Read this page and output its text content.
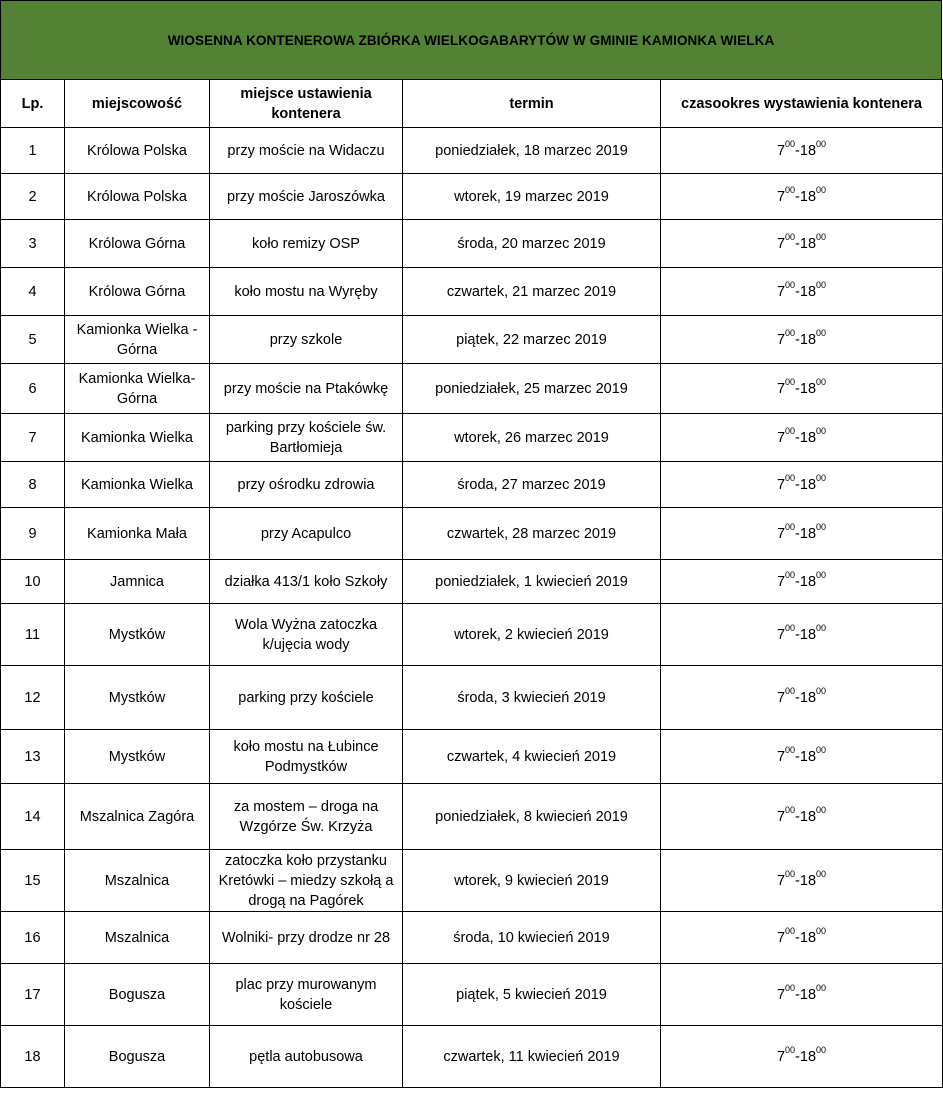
WIOSENNA KONTENEROWA ZBIÓRKA WIELKOGABARYTÓW W GMINIE KAMIONKA WIELKA
Lp.	miejscowość	miejsce ustawienia kontenera	termin	czasookres wystawienia kontenera
1	Królowa Polska	przy moście na Widaczu	poniedziałek, 18 marzec 2019	$7^{00}-18^{00}$
2	Królowa Polska	przy moście Jaroszówka	wtorek, 19 marzec 2019	$7^{00}-18^{00}$
3	Królowa Górna	koło remizy OSP	środa, 20 marzec 2019	$7^{00}-18^{00}$
4	Królowa Górna	koło mostu na Wyręby	czwartek, 21 marzec 2019	$7^{00}-18^{00}$
5	Kamionka Wielka - Górna	przy szkole	piątek, 22 marzec 2019	$7^{00}-18^{00}$
6	Kamionka Wielka-Górna	przy moście na Ptakówkę	poniedziałek, 25 marzec 2019	$7^{00}-18^{00}$
7	Kamionka Wielka	parking przy kościele św. Bartłomieja	wtorek, 26 marzec 2019	$7^{00}-18^{00}$
8	Kamionka Wielka	przy ośrodku zdrowia	środa, 27 marzec 2019	$7^{00}-18^{00}$
9	Kamionka Mała	przy Acapulco	czwartek, 28 marzec 2019	$7^{00}-18^{00}$
10	Jamnica	działka 413/1 koło Szkoły	poniedziałek, 1 kwiecień 2019	$7^{00}-18^{00}$
11	Mystków	Wola Wyżna zatoczka k/ujęcia wody	wtorek, 2 kwiecień 2019	$7^{00}-18^{00}$
12	Mystków	parking przy kościele	środa, 3 kwiecień 2019	$7^{00}-18^{00}$
13	Mystków	koło mostu na Łubince Podmystków	czwartek, 4 kwiecień 2019	$7^{00}-18^{00}$
14	Mszalnica Zagóra	za mostem – droga na Wzgórze Św. Krzyża	poniedziałek, 8 kwiecień 2019	$7^{00}-18^{00}$
15	Mszalnica	zatoczka koło przystanku Kretówki – miedzy szkołą a drogą na Pagórek	wtorek, 9 kwiecień 2019	$7^{00}-18^{00}$
16	Mszalnica	Wolniki- przy drodze nr 28	środa, 10 kwiecień 2019	$7^{00}-18^{00}$
17	Bogusza	plac przy murowanym kościele	piątek, 5 kwiecień 2019	$7^{00}-18^{00}$
18	Bogusza	pętla autobusowa	czwartek, 11 kwiecień 2019	$7^{00}-18^{00}$
